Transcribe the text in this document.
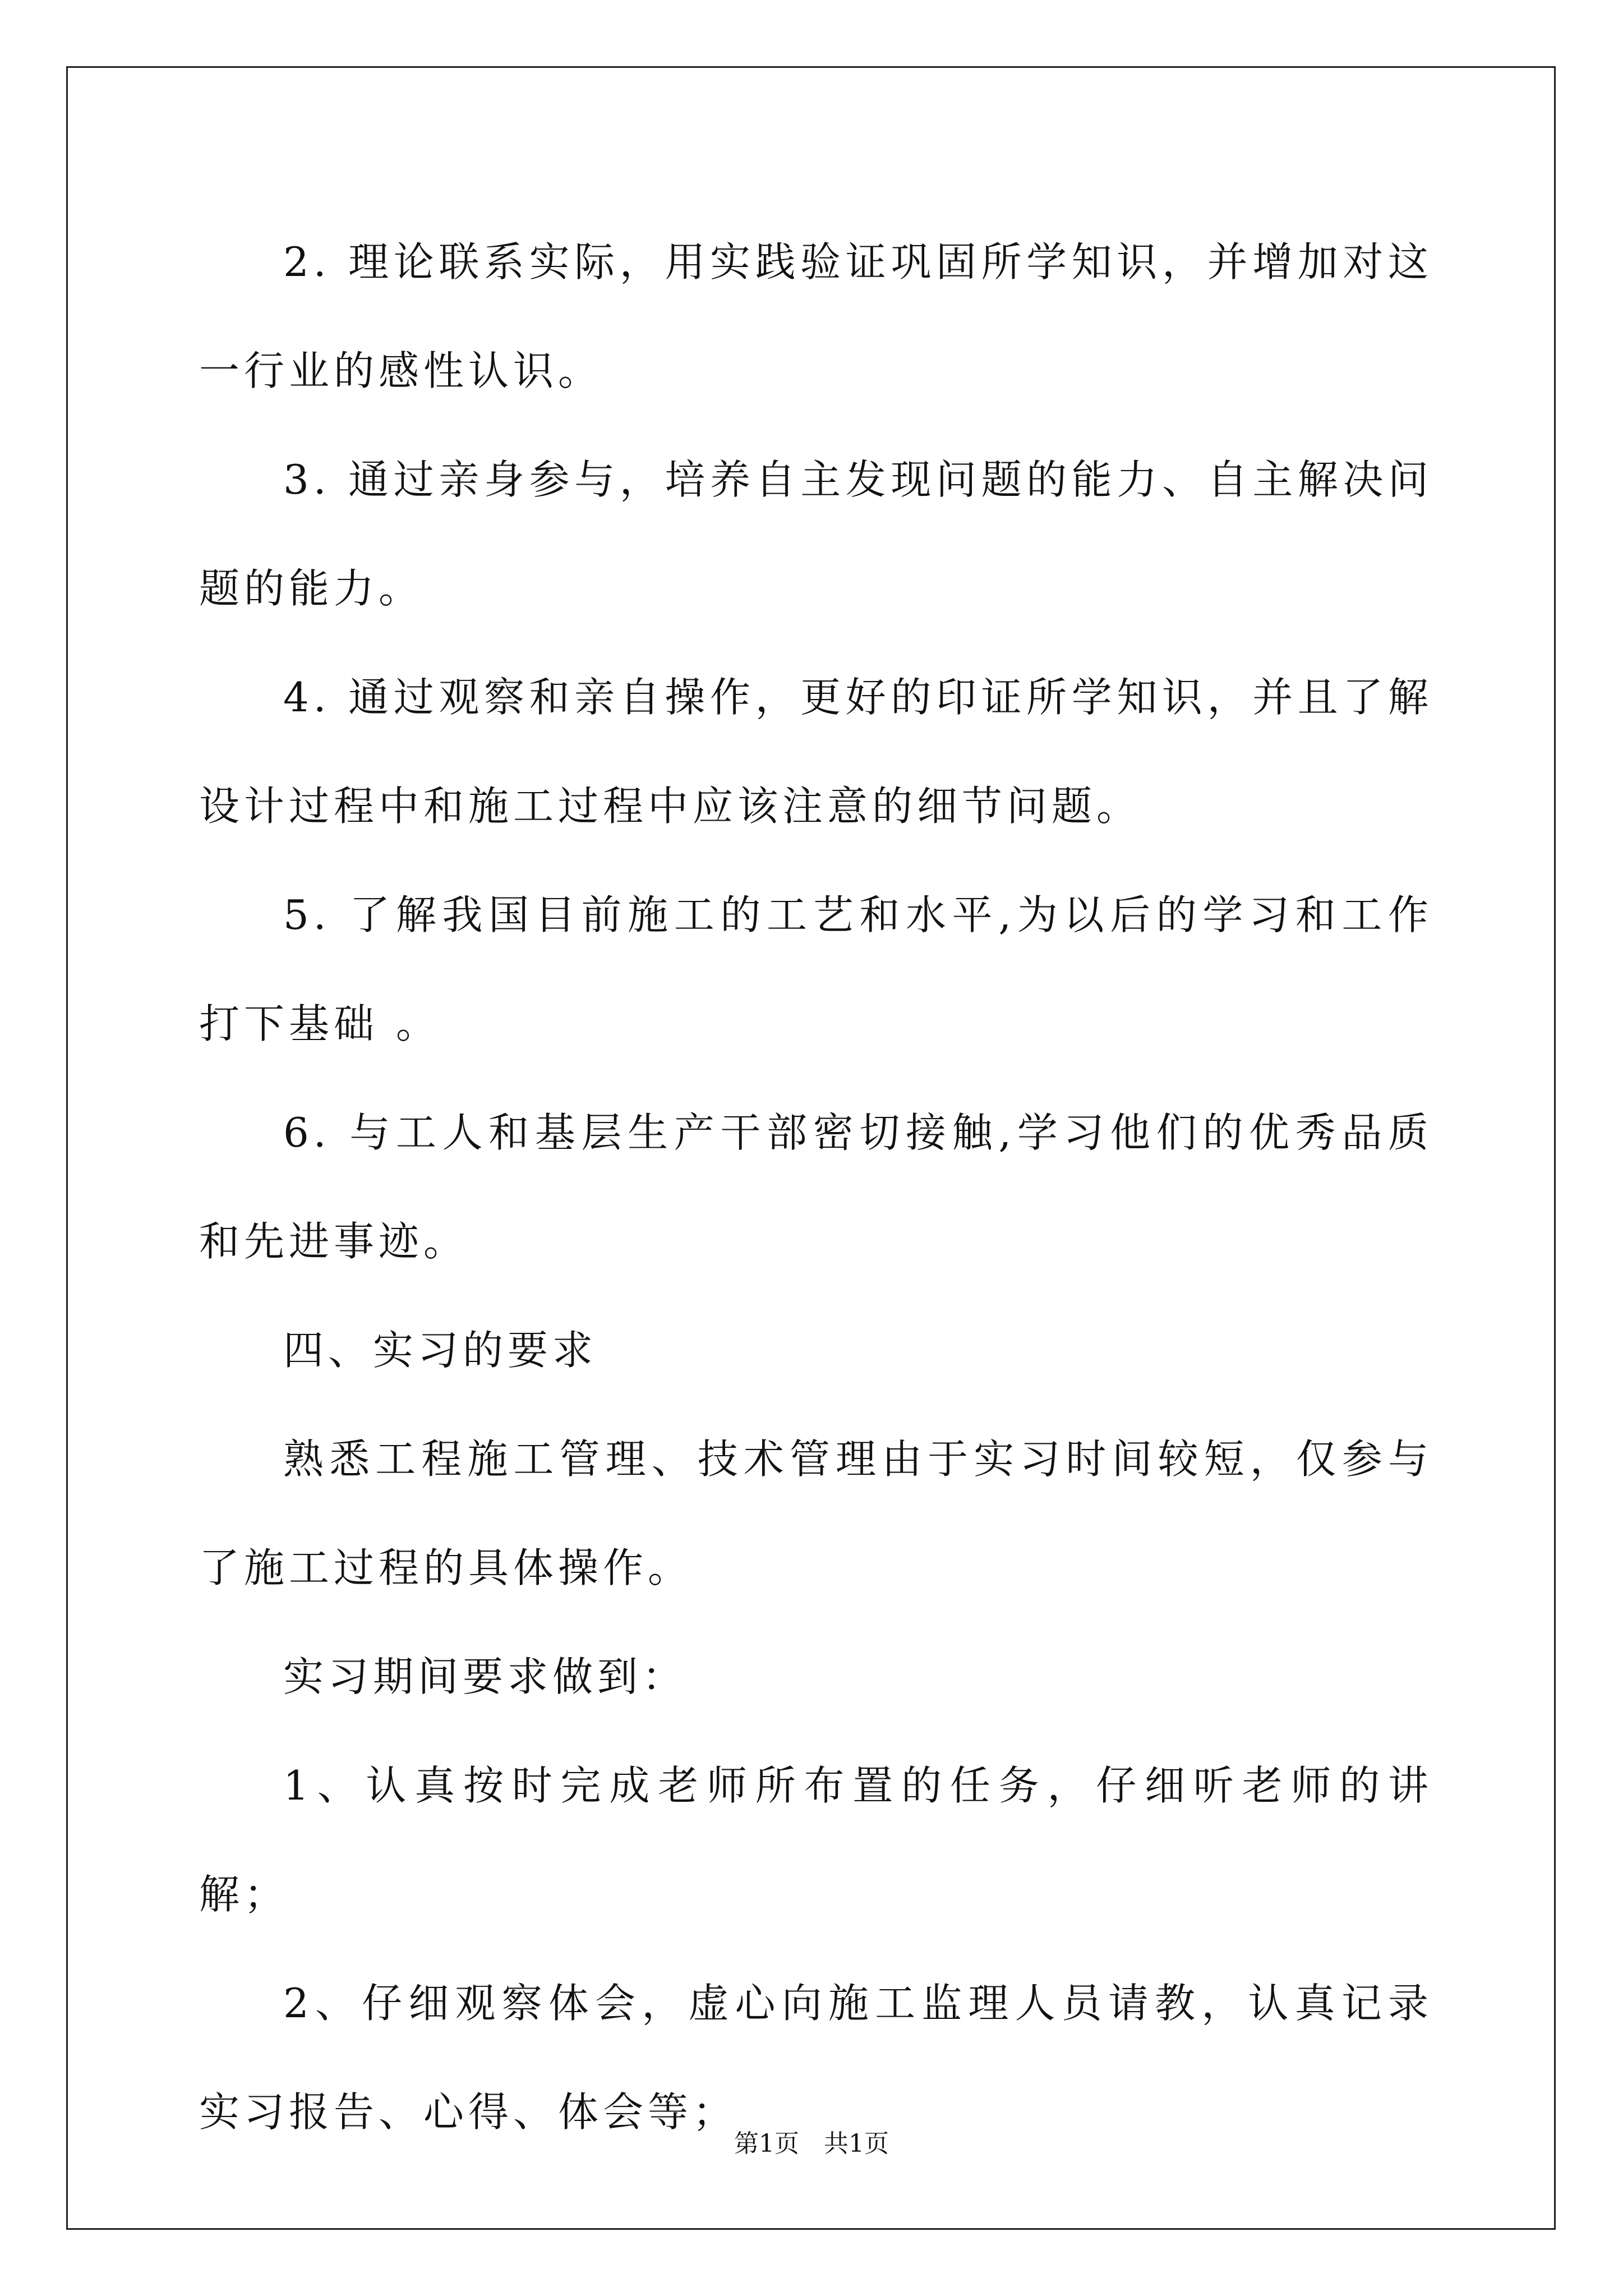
2. 理论联系实际，用实践验证巩固所学知识，并增加对这一行业的感性认识。

3. 通过亲身参与，培养自主发现问题的能力、自主解决问题的能力。

4. 通过观察和亲自操作，更好的印证所学知识，并且了解设计过程中和施工过程中应该注意的细节问题。

5. 了解我国目前施工的工艺和水平,为以后的学习和工作打下基础 。

6. 与工人和基层生产干部密切接触,学习他们的优秀品质和先进事迹。

四、实习的要求

熟悉工程施工管理、技术管理由于实习时间较短，仅参与了施工过程的具体操作。

实习期间要求做到：

1、认真按时完成老师所布置的任务，仔细听老师的讲解；

2、仔细观察体会，虚心向施工监理人员请教，认真记录实习报告、心得、体会等；

第1页　共1页
